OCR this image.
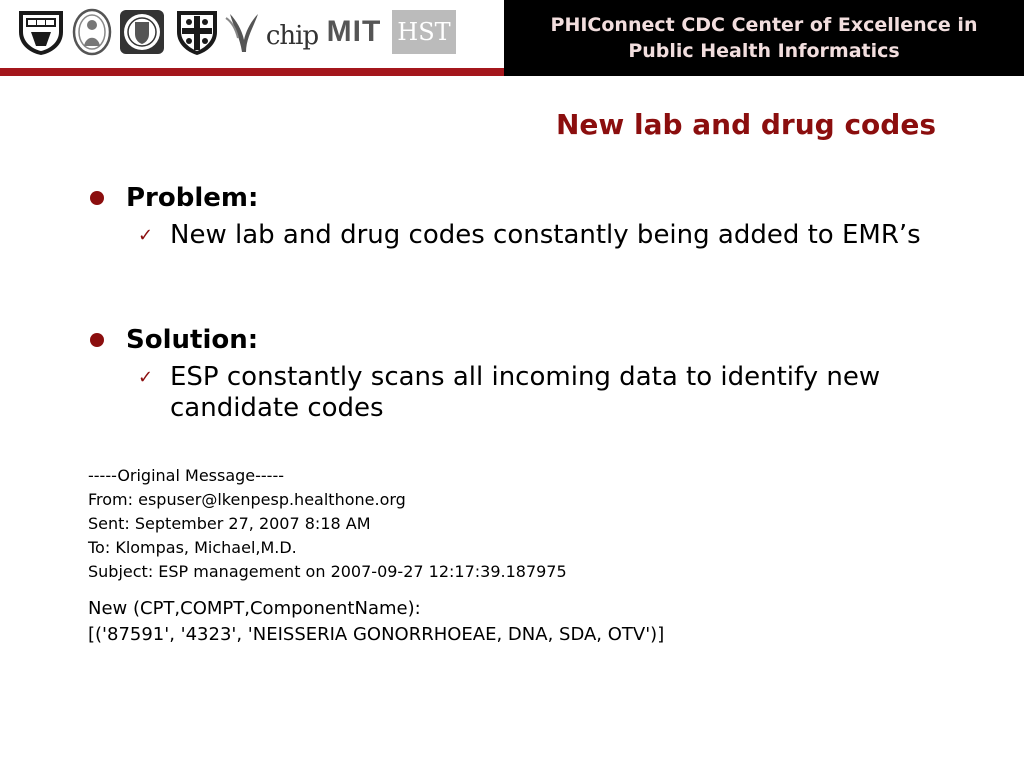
chip MIT HST	PHIConnect CDC Center of Excellence in
Public Health Informatics
New lab and drug codes
Problem:
✓ New lab and drug codes constantly being added to EMR’s
Solution:
✓ ESP constantly scans all incoming data to identify new candidate codes
-----Original Message-----
From: espuser@lkenpesp.healthone.org
Sent: September 27, 2007 8:18 AM
To: Klompas, Michael,M.D.
Subject: ESP management on 2007-09-27 12:17:39.187975
New (CPT,COMPT,ComponentName):
[('87591', '4323', 'NEISSERIA GONORRHOEAE, DNA, SDA, OTV')]
